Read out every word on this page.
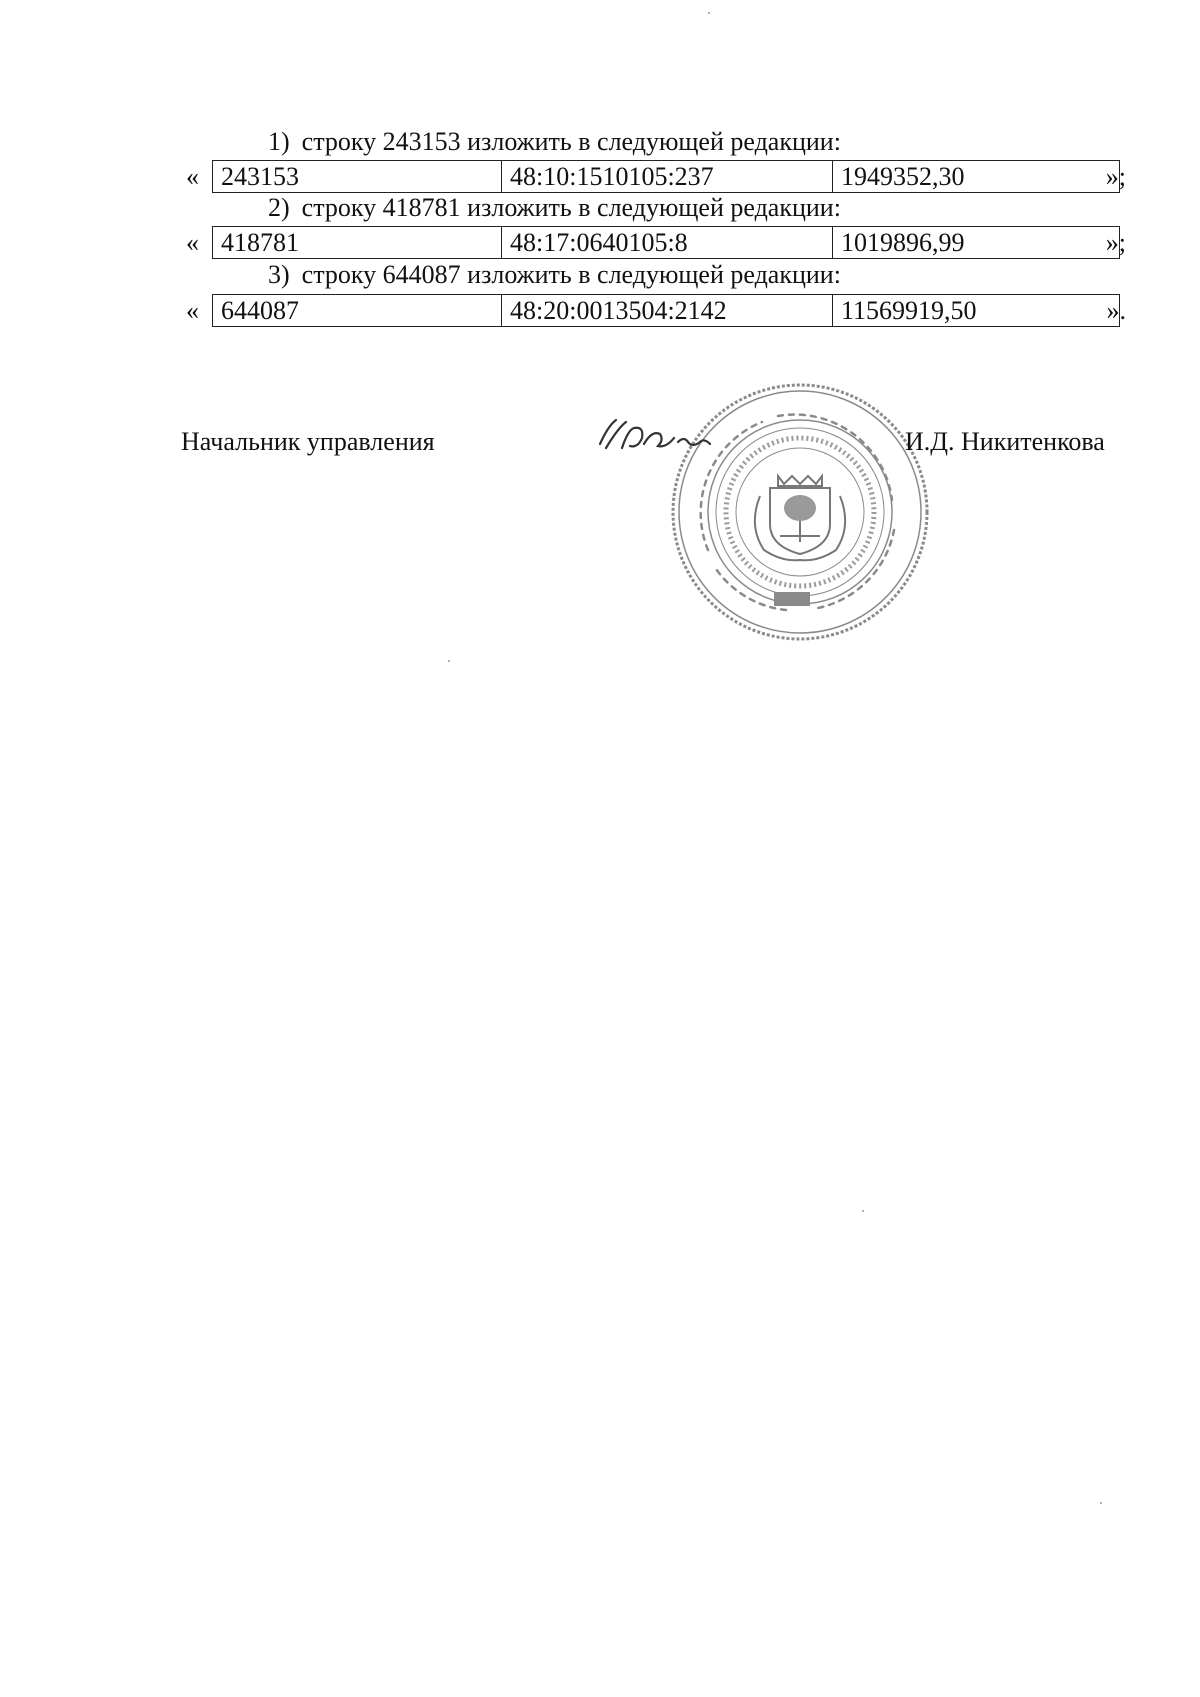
1) строку 243153 изложить в следующей редакции:
« 243153	48:10:1510105:237	1949352,30	»;
2) строку 418781 изложить в следующей редакции:
« 418781	48:17:0640105:8	1019896,99	»;
3) строку 644087 изложить в следующей редакции:
« 644087	48:20:0013504:2142	11569919,50	».
Начальник управления	И.Д. Никитенкова
